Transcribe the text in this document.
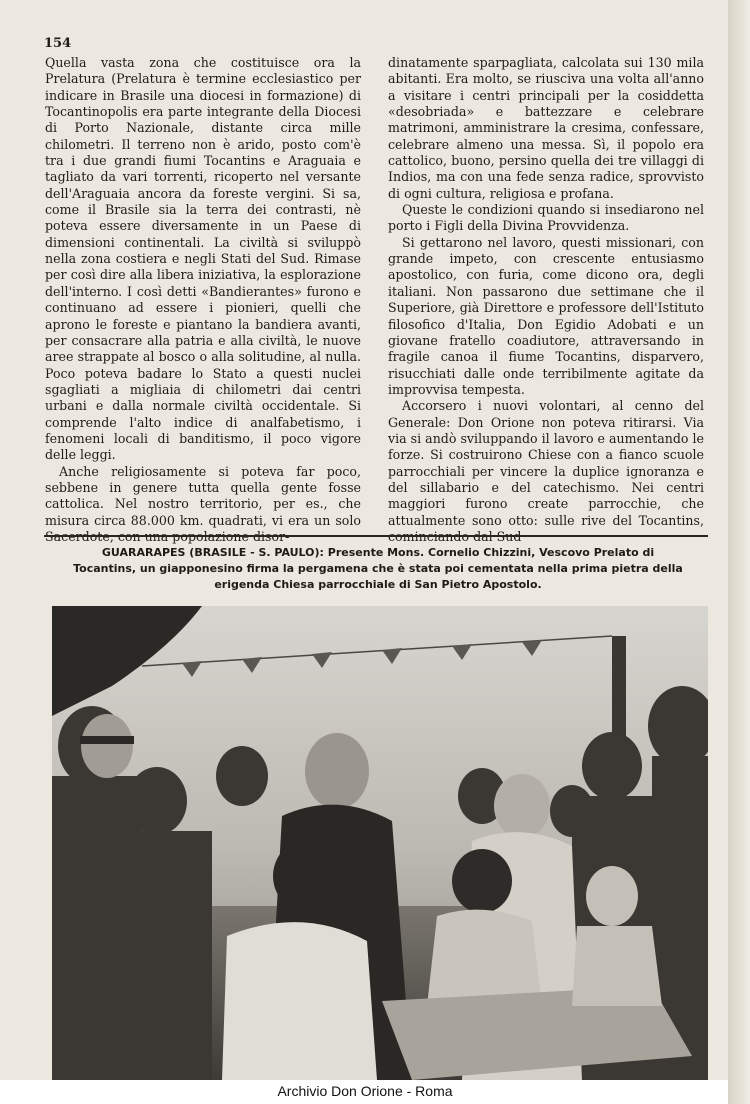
154

Quella vasta zona che costituisce ora la Prelatura (Prelatura è termine ecclesiastico per indicare in Brasile una diocesi in formazione) di Tocantinopolis era parte integrante della Diocesi di Porto Nazionale, distante circa mille chilometri. Il terreno non è arido, posto com'è tra i due grandi fiumi Tocantins e Araguaia e tagliato da vari torrenti, ricoperto nel versante dell'Araguaia ancora da foreste vergini. Si sa, come il Brasile sia la terra dei contrasti, nè poteva essere diversamente in un Paese di dimensioni continentali. La civiltà si sviluppò nella zona costiera e negli Stati del Sud. Rimase per così dire alla libera iniziativa, la esplorazione dell'interno. I così detti «Bandierantes» furono e continuano ad essere i pionieri, quelli che aprono le foreste e piantano la bandiera avanti, per consacrare alla patria e alla civiltà, le nuove aree strappate al bosco o alla solitudine, al nulla. Poco poteva badare lo Stato a questi nuclei sgagliati a migliaia di chilometri dai centri urbani e dalla normale civiltà occidentale. Si comprende l'alto indice di analfabetismo, i fenomeni locali di banditismo, il poco vigore delle leggi.

Anche religiosamente si poteva far poco, sebbene in genere tutta quella gente fosse cattolica. Nel nostro territorio, per es., che misura circa 88.000 km. quadrati, vi era un solo

dinatamente sparpagliata, calcolata sui 130 mila abitanti. Era molto, se riusciva una volta all'anno a visitare i centri principali per la cosiddetta «desobriada» e battezzare e celebrare matrimoni, amministrare la cresima, confessare, celebrare almeno una messa. Sì, il popolo era cattolico, buono, persino quella dei tre villaggi di Indios, ma con una fede senza radice, sprovvisto di ogni cultura, religiosa e profana.

Queste le condizioni quando si insediarono nel porto i Figli della Divina Provvidenza.

Si gettarono nel lavoro, questi missionari, con grande impeto, con crescente entusiasmo apostolico, con furia, come dicono ora, degli italiani. Non passarono due settimane che il Superiore, già Direttore e professore dell'Istituto filosofico d'Italia, Don Egidio Adobati e un giovane fratello coadiutore, attraversando in fragile canoa il fiume Tocantins, disparvero, risucchiati dalle onde terribilmente agitate da improvvisa tempesta.

Accorsero i nuovi volontari, al cenno del Generale: Don Orione non poteva ritirarsi. Via via si andò sviluppando il lavoro e aumentando le forze. Si costruirono Chiese con a fianco scuole parrocchiali per vincere la duplice ignoranza e del sillabario e del catechismo. Nei centri maggiori furono create parrocchie, che attualmente sono otto: sulle rive del Tocantins,

GUARARAPES (BRASILE - S. PAULO): Presente Mons. Cornelio Chizzini, Vescovo Prelato di Tocantins, un giapponesino firma la pergamena che è stata poi cementata nella prima pietra della erigenda Chiesa parrocchiale di San Pietro Apostolo.
Archivio Don Orione - Roma
